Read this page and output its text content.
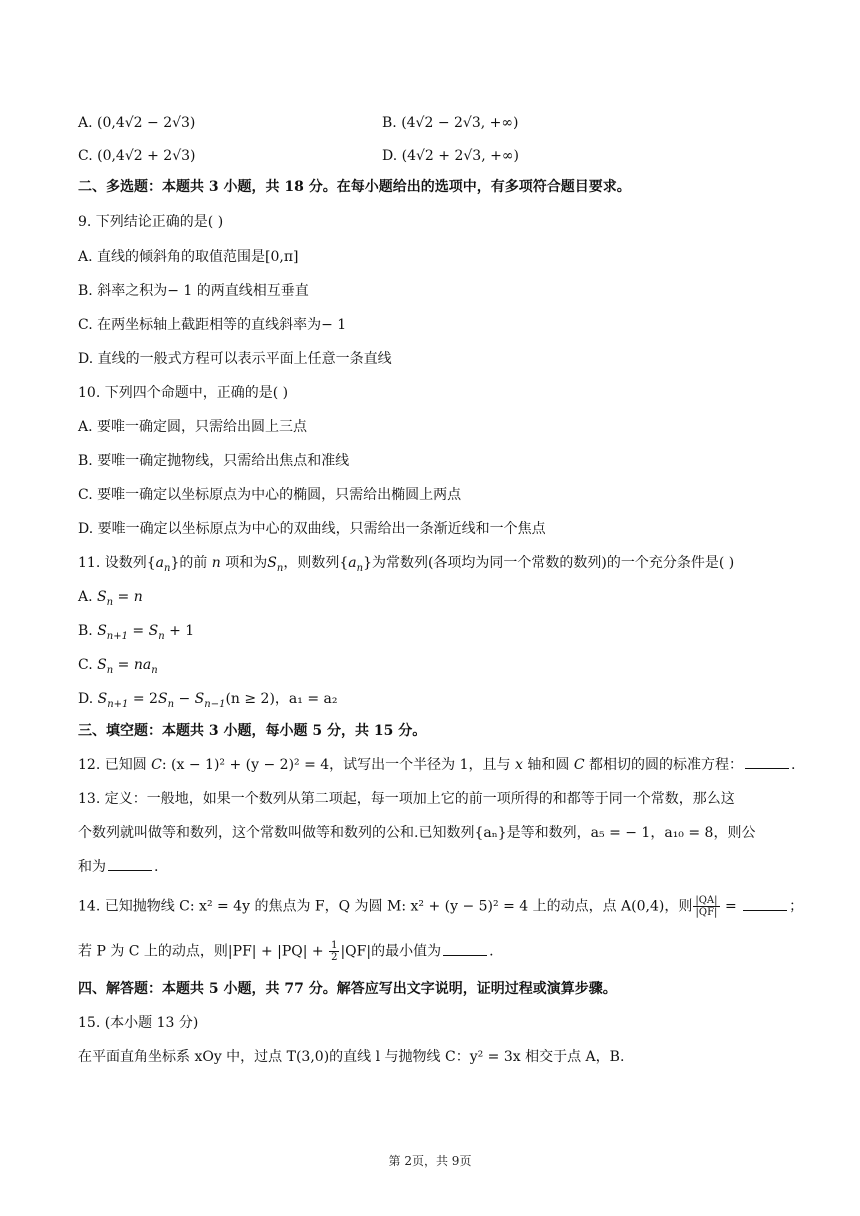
A. (0,4√2 − 2√3)	B. (4√2 − 2√3, +∞)
C. (0,4√2 + 2√3)	D. (4√2 + 2√3, +∞)
二、多选题：本题共 3 小题，共 18 分。在每小题给出的选项中，有多项符合题目要求。
9. 下列结论正确的是( )
A. 直线的倾斜角的取值范围是[0,π]
B. 斜率之积为− 1 的两直线相互垂直
C. 在两坐标轴上截距相等的直线斜率为− 1
D. 直线的一般式方程可以表示平面上任意一条直线
10. 下列四个命题中，正确的是( )
A. 要唯一确定圆，只需给出圆上三点
B. 要唯一确定抛物线，只需给出焦点和准线
C. 要唯一确定以坐标原点为中心的椭圆，只需给出椭圆上两点
D. 要唯一确定以坐标原点为中心的双曲线，只需给出一条渐近线和一个焦点
11. 设数列$\{a_n\}$的前 n 项和为$S_n$，则数列$\{a_n\}$为常数列(各项均为同一个常数的数列)的一个充分条件是( )
A. $S_n = n$
B. $S_{n+1} = S_n + 1$
C. $S_n = na_n$
D. $S_{n+1} = 2S_n - S_{n-1}(n \ge 2)$，a₁ = a₂
三、填空题：本题共 3 小题，每小题 5 分，共 15 分。
12. 已知圆 C: (x − 1)² + (y − 2)² = 4，试写出一个半径为 1，且与 x 轴和圆 C 都相切的圆的标准方程：	.
13. 定义：一般地，如果一个数列从第二项起，每一项加上它的前一项所得的和都等于同一个常数，那么这
个数列就叫做等和数列，这个常数叫做等和数列的公和.已知数列{aₙ}是等和数列，a₅ = − 1，a₁₀ = 8，则公
和为	.
14. 已知抛物线 C: x² = 4y 的焦点为 F，Q 为圆 M: x² + (y − 5)² = 4 上的动点，点 A(0,4)，则 $\frac{|QA|}{|QF|}$ =	；
若 P 为 C 上的动点，则$|PF| + |PQ| + \frac{1}{2} |QF|$的最小值为	.
四、解答题：本题共 5 小题，共 77 分。解答应写出文字说明，证明过程或演算步骤。
15. (本小题 13 分)
在平面直角坐标系 xOy 中，过点 T(3,0)的直线 l 与抛物线 C：y² = 3x 相交于点 A，B.
第 2页，共 9页
